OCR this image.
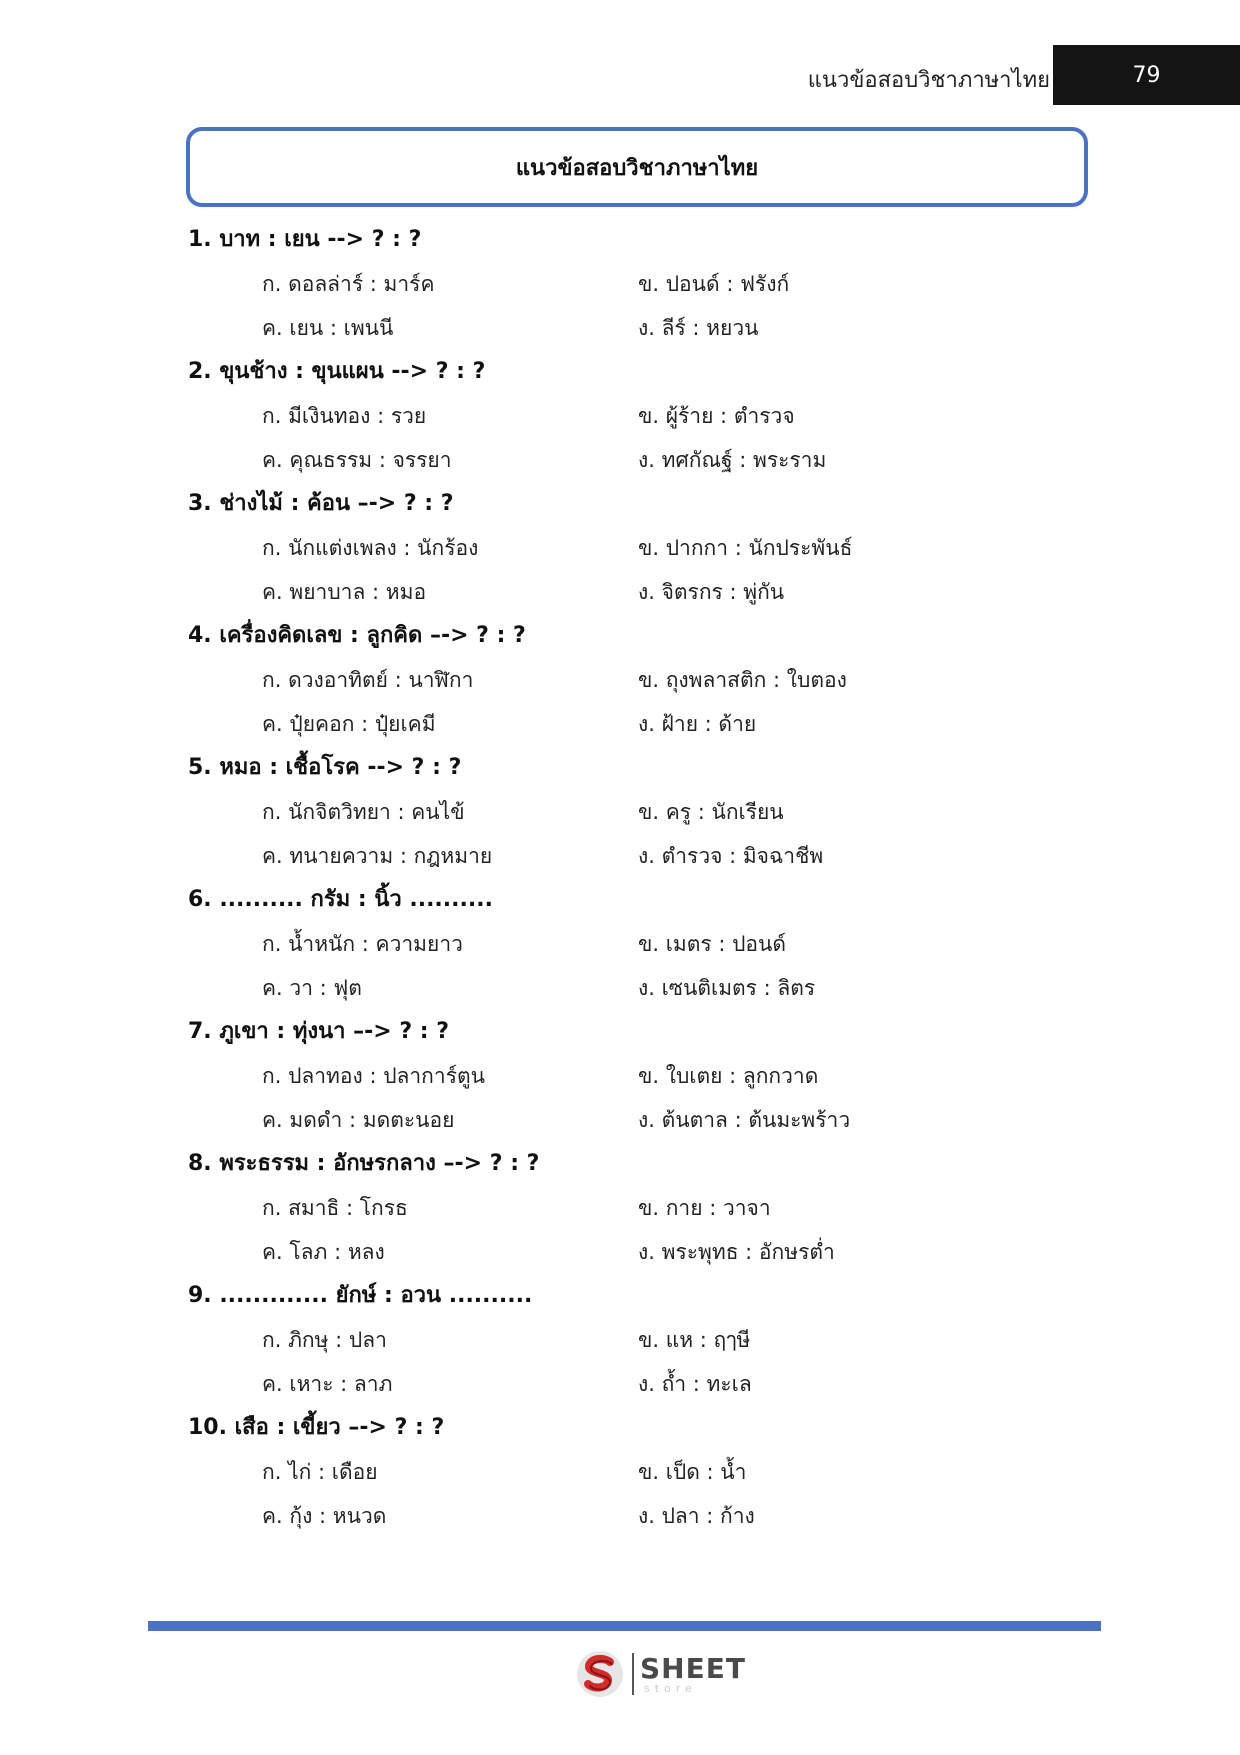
แนวข้อสอบวิชาภาษาไทย	79
แนวข้อสอบวิชาภาษาไทย
1. บาท : เยน --> ? : ?
ก. ดอลล่าร์ : มาร์ค	ข. ปอนด์ : ฟรังก์
ค. เยน : เพนนี	ง. ลีร์ : หยวน
2. ขุนช้าง : ขุนแผน --> ? : ?
ก. มีเงินทอง : รวย	ข. ผู้ร้าย : ตำรวจ
ค. คุณธรรม : จรรยา	ง. ทศกัณฐ์ : พระราม
3. ช่างไม้ : ค้อน –-> ? : ?
ก. นักแต่งเพลง : นักร้อง	ข. ปากกา : นักประพันธ์
ค. พยาบาล : หมอ	ง. จิตรกร : พู่กัน
4. เครื่องคิดเลข : ลูกคิด –-> ? : ?
ก. ดวงอาทิตย์ : นาฬิกา	ข. ถุงพลาสติก : ใบตอง
ค. ปุ๋ยคอก : ปุ๋ยเคมี	ง. ฝ้าย : ด้าย
5. หมอ : เชื้อโรค --> ? : ?
ก. นักจิตวิทยา : คนไข้	ข. ครู : นักเรียน
ค. ทนายความ : กฎหมาย	ง. ตำรวจ : มิจฉาชีพ
6. .......... กรัม : นิ้ว ..........
ก. น้ำหนัก : ความยาว	ข. เมตร : ปอนด์
ค. วา : ฟุต	ง. เซนติเมตร : ลิตร
7. ภูเขา : ทุ่งนา –-> ? : ?
ก. ปลาทอง : ปลาการ์ตูน	ข. ใบเตย : ลูกกวาด
ค. มดดำ : มดตะนอย	ง. ต้นตาล : ต้นมะพร้าว
8. พระธรรม : อักษรกลาง –-> ? : ?
ก. สมาธิ : โกรธ	ข. กาย : วาจา
ค. โลภ : หลง	ง. พระพุทธ : อักษรต่ำ
9. ............. ยักษ์ : อวน ..........
ก. ภิกษุ : ปลา	ข. แห : ฤๅษี
ค. เหาะ : ลาภ	ง. ถ้ำ : ทะเล
10. เสือ : เขี้ยว –-> ? : ?
ก. ไก่ : เดือย	ข. เป็ด : น้ำ
ค. กุ้ง : หนวด	ง. ปลา : ก้าง
SHEET
store
